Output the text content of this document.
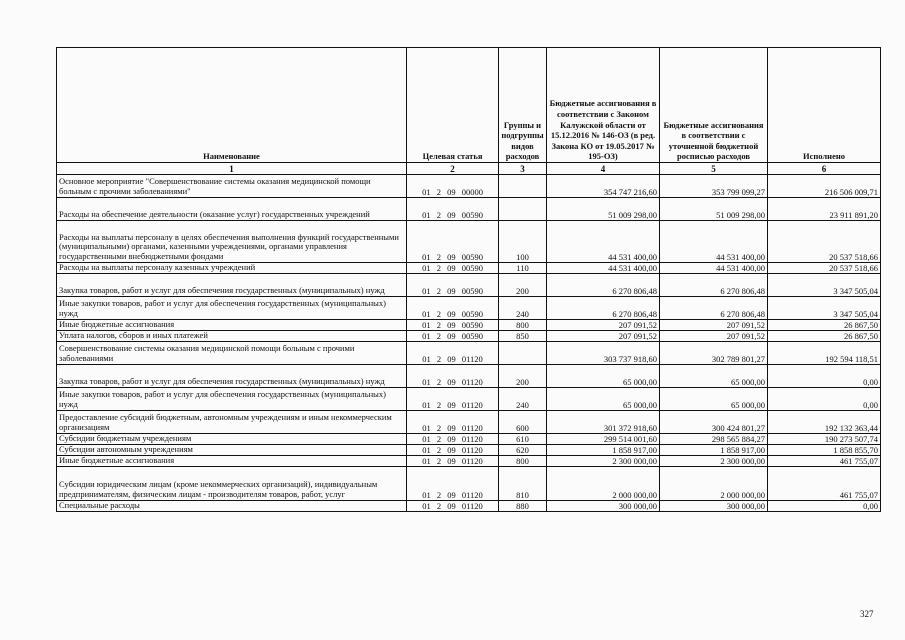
Наименование	Целевая статья	Группы и подгруппы видов расходов	Бюджетные ассигнования в соответствии с Законом Калужской области от 15.12.2016 № 146-ОЗ (в ред. Закона КО от 19.05.2017 № 195-ОЗ)	Бюджетные ассигнования в соответствии с уточненной бюджетной росписью расходов	Исполнено
1	2	3	4	5	6
Основное мероприятие "Совершенствование системы оказания медицинской помощи больным с прочими заболеваниями"	01 2 09 00000		354 747 216,60	353 799 099,27	216 506 009,71
Расходы на обеспечение деятельности (оказание услуг) государственных учреждений	01 2 09 00590		51 009 298,00	51 009 298,00	23 911 891,20
Расходы на выплаты персоналу в целях обеспечения выполнения функций государственными (муниципальными) органами, казенными учреждениями, органами управления государственными внебюджетными фондами	01 2 09 00590	100	44 531 400,00	44 531 400,00	20 537 518,66
Расходы на выплаты персоналу казенных учреждений	01 2 09 00590	110	44 531 400,00	44 531 400,00	20 537 518,66
Закупка товаров, работ и услуг для обеспечения государственных (муниципальных) нужд	01 2 09 00590	200	6 270 806,48	6 270 806,48	3 347 505,04
Иные закупки товаров, работ и услуг для обеспечения государственных (муниципальных) нужд	01 2 09 00590	240	6 270 806,48	6 270 806,48	3 347 505,04
Иные бюджетные ассигнования	01 2 09 00590	800	207 091,52	207 091,52	26 867,50
Уплата налогов, сборов и иных платежей	01 2 09 00590	850	207 091,52	207 091,52	26 867,50
Совершенствование системы оказания медицинской помощи больным с прочими заболеваниями	01 2 09 01120		303 737 918,60	302 789 801,27	192 594 118,51
Закупка товаров, работ и услуг для обеспечения государственных (муниципальных) нужд	01 2 09 01120	200	65 000,00	65 000,00	0,00
Иные закупки товаров, работ и услуг для обеспечения государственных (муниципальных) нужд	01 2 09 01120	240	65 000,00	65 000,00	0,00
Предоставление субсидий бюджетным, автономным учреждениям и иным некоммерческим организациям	01 2 09 01120	600	301 372 918,60	300 424 801,27	192 132 363,44
Субсидии бюджетным учреждениям	01 2 09 01120	610	299 514 001,60	298 565 884,27	190 273 507,74
Субсидии автономным учреждениям	01 2 09 01120	620	1 858 917,00	1 858 917,00	1 858 855,70
Иные бюджетные ассигнования	01 2 09 01120	800	2 300 000,00	2 300 000,00	461 755,07
Субсидии юридическим лицам (кроме некоммерческих организаций), индивидуальным предпринимателям, физическим лицам - производителям товаров, работ, услуг	01 2 09 01120	810	2 000 000,00	2 000 000,00	461 755,07
Специальные расходы	01 2 09 01120	880	300 000,00	300 000,00	0,00
327
